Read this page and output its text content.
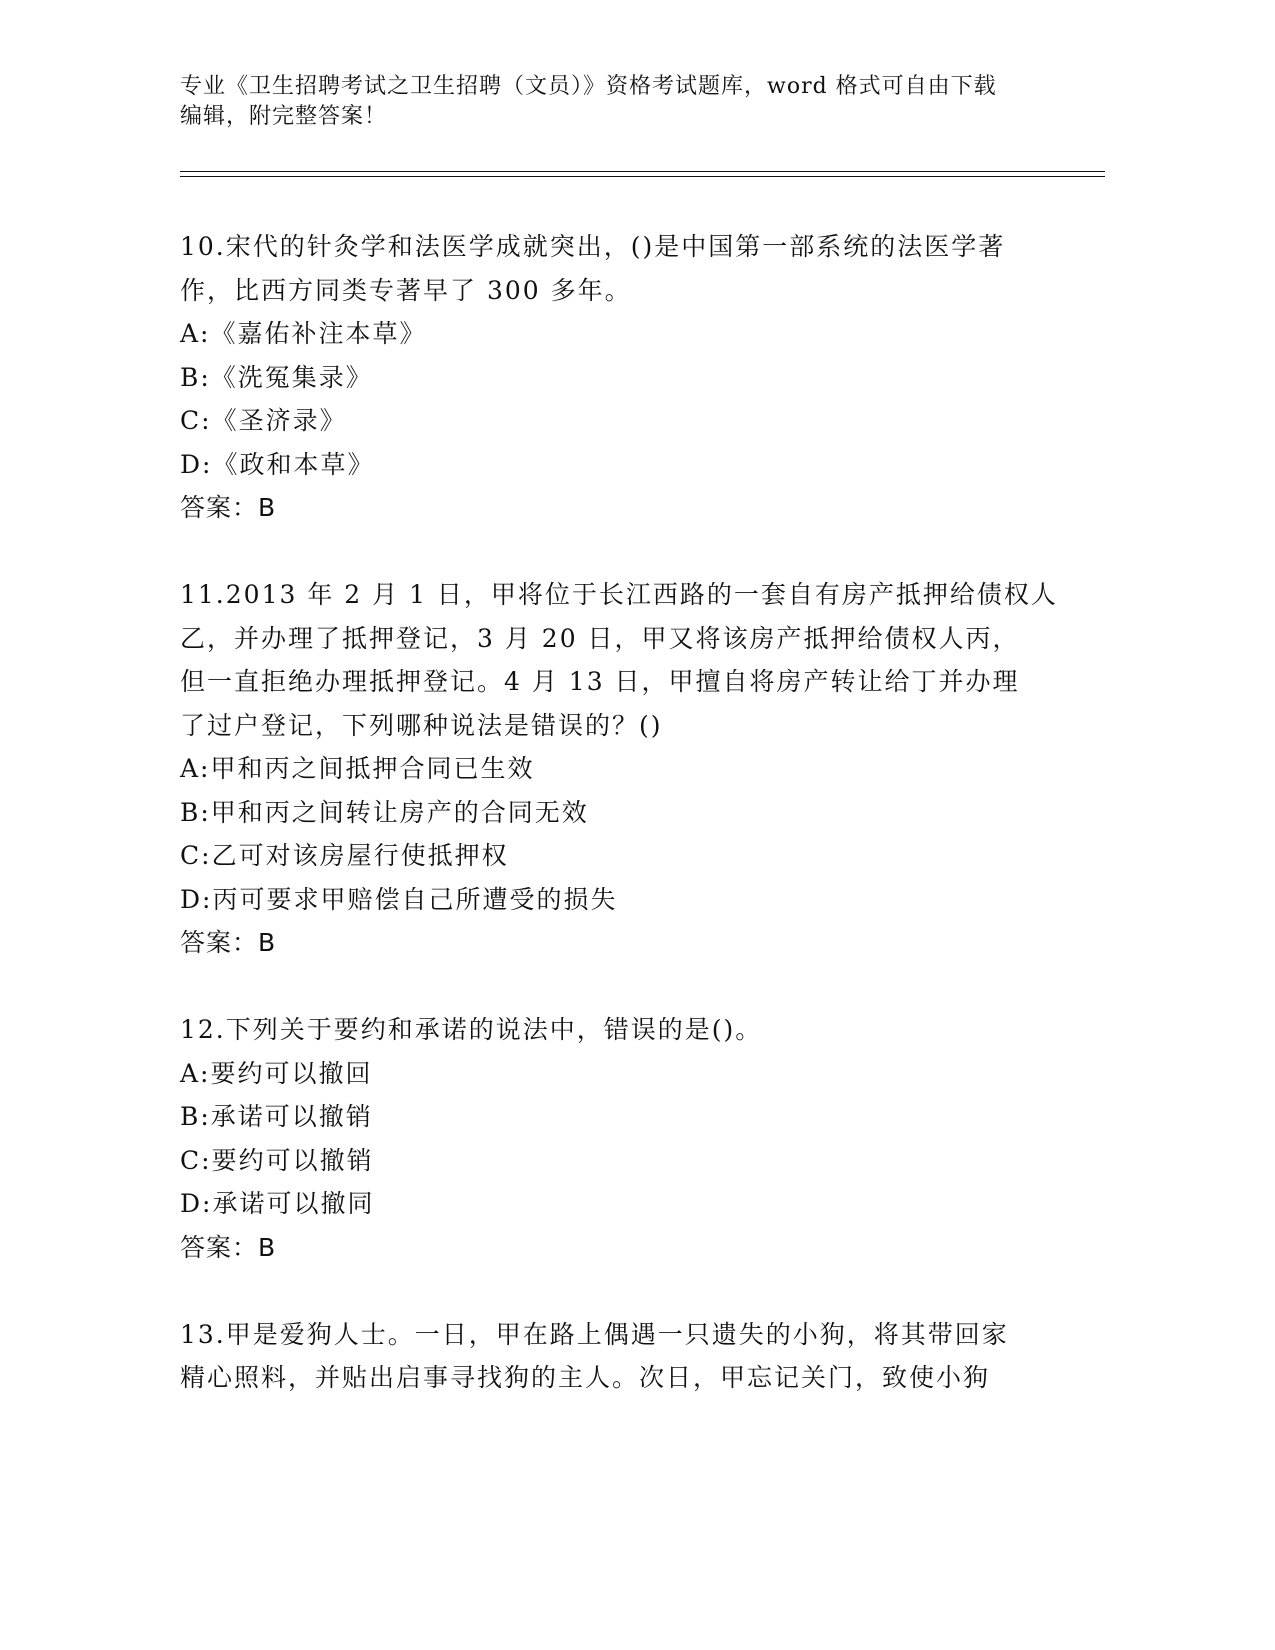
专业《卫生招聘考试之卫生招聘（文员）》资格考试题库，word 格式可自由下载
编辑，附完整答案！

10.宋代的针灸学和法医学成就突出，()是中国第一部系统的法医学著

作，比西方同类专著早了 300 多年。

A:《嘉佑补注本草》

B:《洗冤集录》

C:《圣济录》

D:《政和本草》

答案：B

11.2013 年 2 月 1 日，甲将位于长江西路的一套自有房产抵押给债权人

乙，并办理了抵押登记，3 月 20 日，甲又将该房产抵押给债权人丙，

但一直拒绝办理抵押登记。4 月 13 日，甲擅自将房产转让给丁并办理

了过户登记，下列哪种说法是错误的？()

A:甲和丙之间抵押合同已生效

B:甲和丙之间转让房产的合同无效

C:乙可对该房屋行使抵押权

D:丙可要求甲赔偿自己所遭受的损失

答案：B

12.下列关于要约和承诺的说法中，错误的是()。

A:要约可以撤回

B:承诺可以撤销

C:要约可以撤销

D:承诺可以撤同

答案：B

13.甲是爱狗人士。一日，甲在路上偶遇一只遗失的小狗，将其带回家

精心照料，并贴出启事寻找狗的主人。次日，甲忘记关门，致使小狗
